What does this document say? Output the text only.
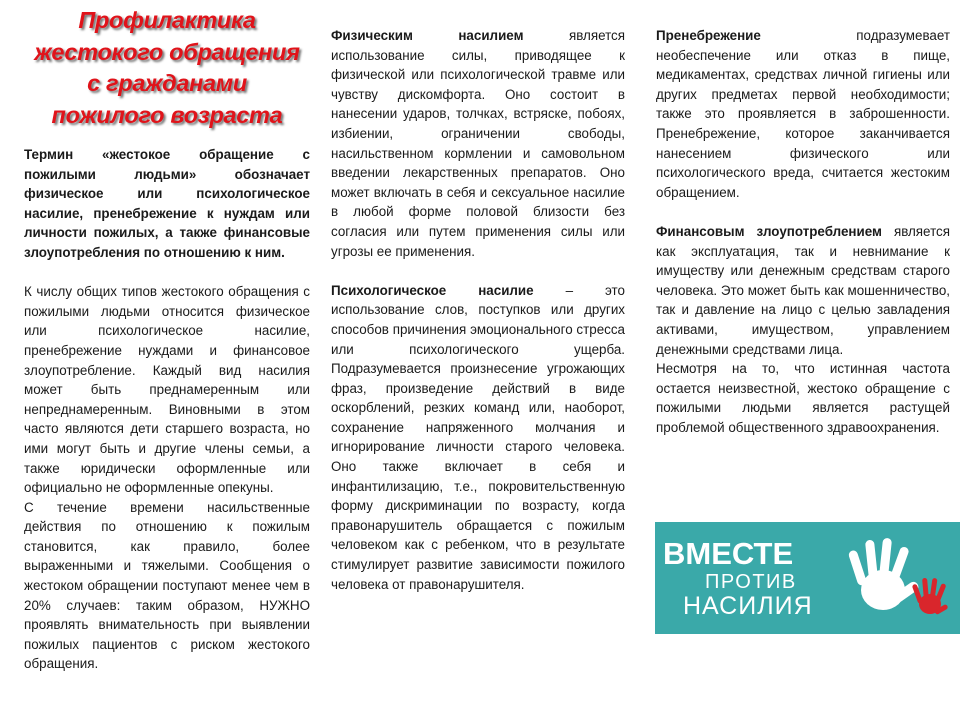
Профилактика
жестокого обращения
с гражданами
пожилого возраста

Термин «жестокое обращение с пожилыми людьми» обозначает физическое или психологическое насилие, пренебрежение к нуждам или личности пожилых, а также финансовые злоупотребления по отношению к ним.

К числу общих типов жестокого обращения с пожилыми людьми относится физическое или психологическое насилие, пренебрежение нуждами и финансовое злоупотребление. Каждый вид насилия может быть преднамеренным или непреднамеренным. Виновными в этом часто являются дети старшего возраста, но ими могут быть и другие члены семьи, а также юридически оформленные или официально не оформленные опекуны.

С течение времени насильственные действия по отношению к пожилым становится, как правило, более выраженными и тяжелыми. Сообщения о жестоком обращении поступают менее чем в 20% случаев: таким образом, НУЖНО проявлять внимательность при выявлении пожилых пациентов с риском жестокого обращения.

Физическим насилием является использование силы, приводящее к физической или психологической травме или чувству дискомфорта. Оно состоит в нанесении ударов, толчках, встряске, побоях, избиении, ограничении свободы, насильственном кормлении и самовольном введении лекарственных препаратов. Оно может включать в себя и сексуальное насилие в любой форме половой близости без согласия или путем применения силы или угрозы ее применения.

Психологическое насилие – это использование слов, поступков или других способов причинения эмоционального стресса или психологического ущерба. Подразумевается произнесение угрожающих фраз, произведение действий в виде оскорблений, резких команд или, наоборот, сохранение напряженного молчания и игнорирование личности старого человека. Оно также включает в себя и инфантилизацию, т.е., покровительственную форму дискриминации по возрасту, когда правонарушитель обращается с пожилым человеком как с ребенком, что в результате стимулирует развитие зависимости пожилого человека от правонарушителя.

Пренебрежение подразумевает необеспечение или отказ в пище, медикаментах, средствах личной гигиены или других предметах первой необходимости; также это проявляется в заброшенности. Пренебрежение, которое заканчивается нанесением физического или психологического вреда, считается жестоким обращением.

Финансовым злоупотреблением является как эксплуатация, так и невнимание к имуществу или денежным средствам старого человека. Это может быть как мошенничество, так и давление на лицо с целью завладения активами, имуществом, управлением денежными средствами лица.

Несмотря на то, что истинная частота остается неизвестной, жестоко обращение с пожилыми людьми является растущей проблемой общественного здравоохранения.

ВМЕСТЕ
ПРОТИВ
НАСИЛИЯ
